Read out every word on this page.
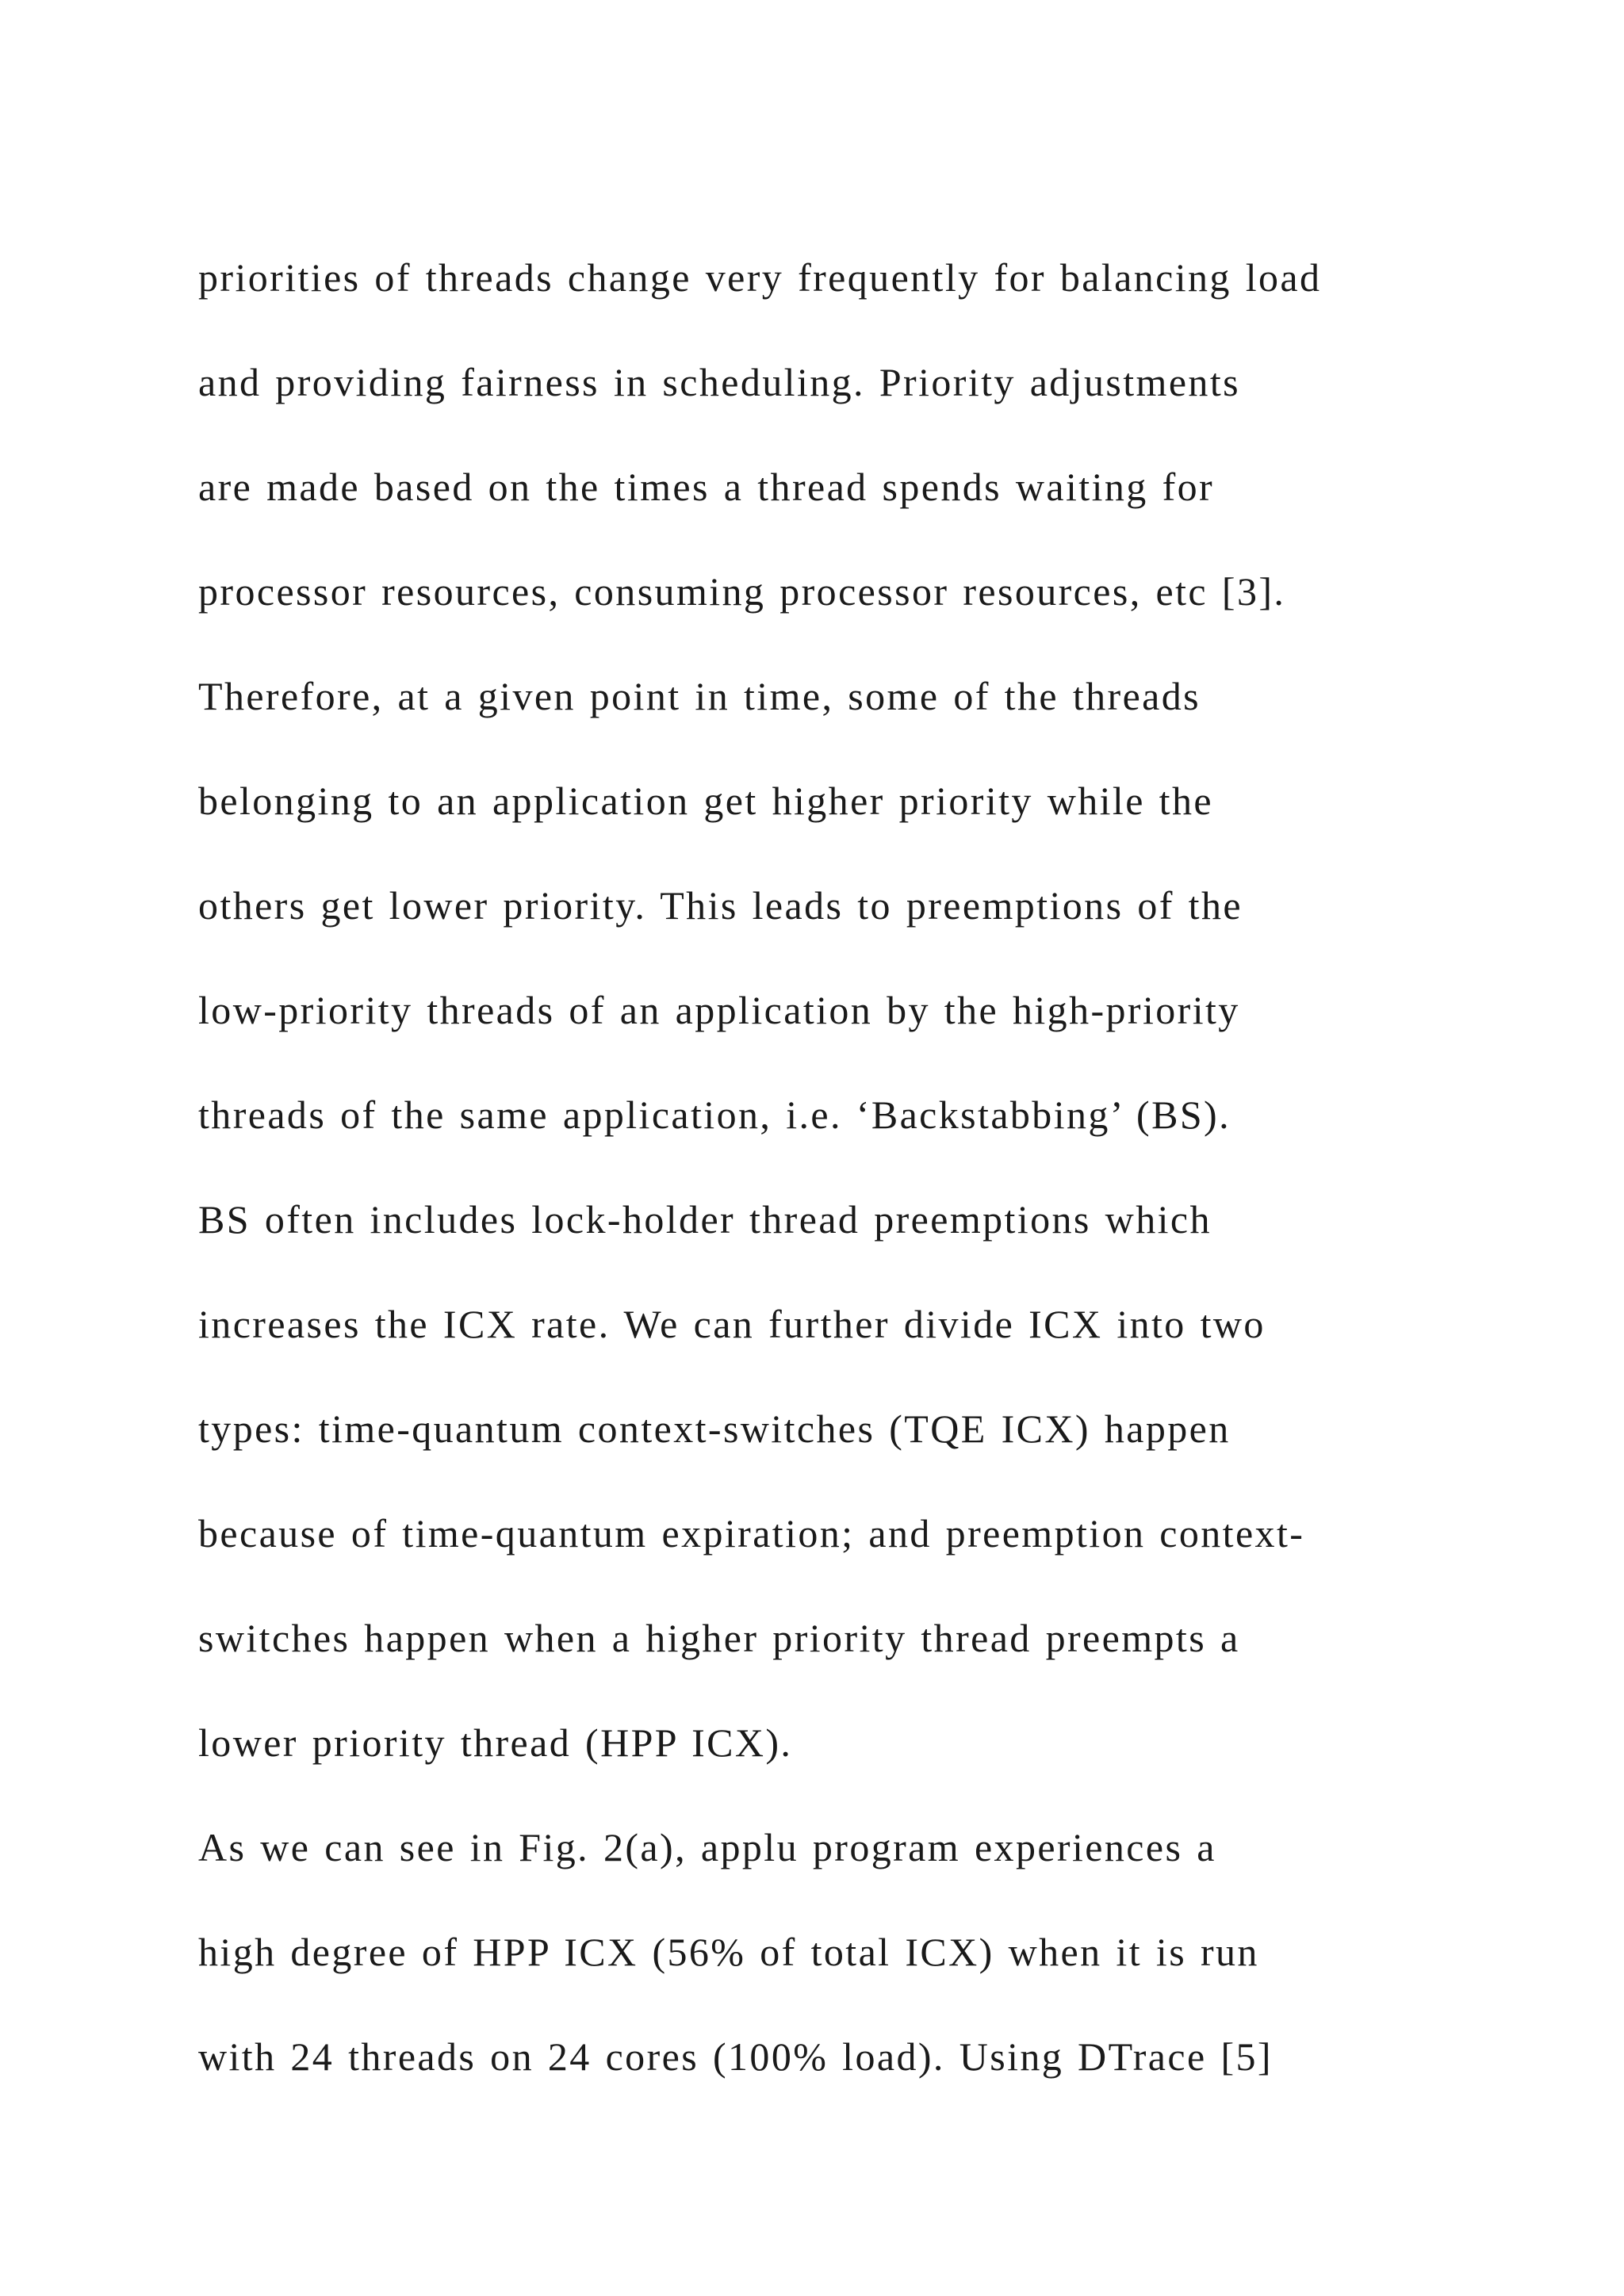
priorities of threads change very frequently for balancing load
and providing fairness in scheduling. Priority adjustments
are made based on the times a thread spends waiting for
processor resources, consuming processor resources, etc [3].
Therefore, at a given point in time, some of the threads
belonging to an application get higher priority while the
others get lower priority. This leads to preemptions of the
low-priority threads of an application by the high-priority
threads of the same application, i.e. ‘Backstabbing’ (BS).
BS often includes lock-holder thread preemptions which
increases the ICX rate. We can further divide ICX into two
types: time-quantum context-switches (TQE ICX) happen
because of time-quantum expiration; and preemption context-
switches happen when a higher priority thread preempts a
lower priority thread (HPP ICX).
As we can see in Fig. 2(a), applu program experiences a
high degree of HPP ICX (56% of total ICX) when it is run
with 24 threads on 24 cores (100% load). Using DTrace [5]
